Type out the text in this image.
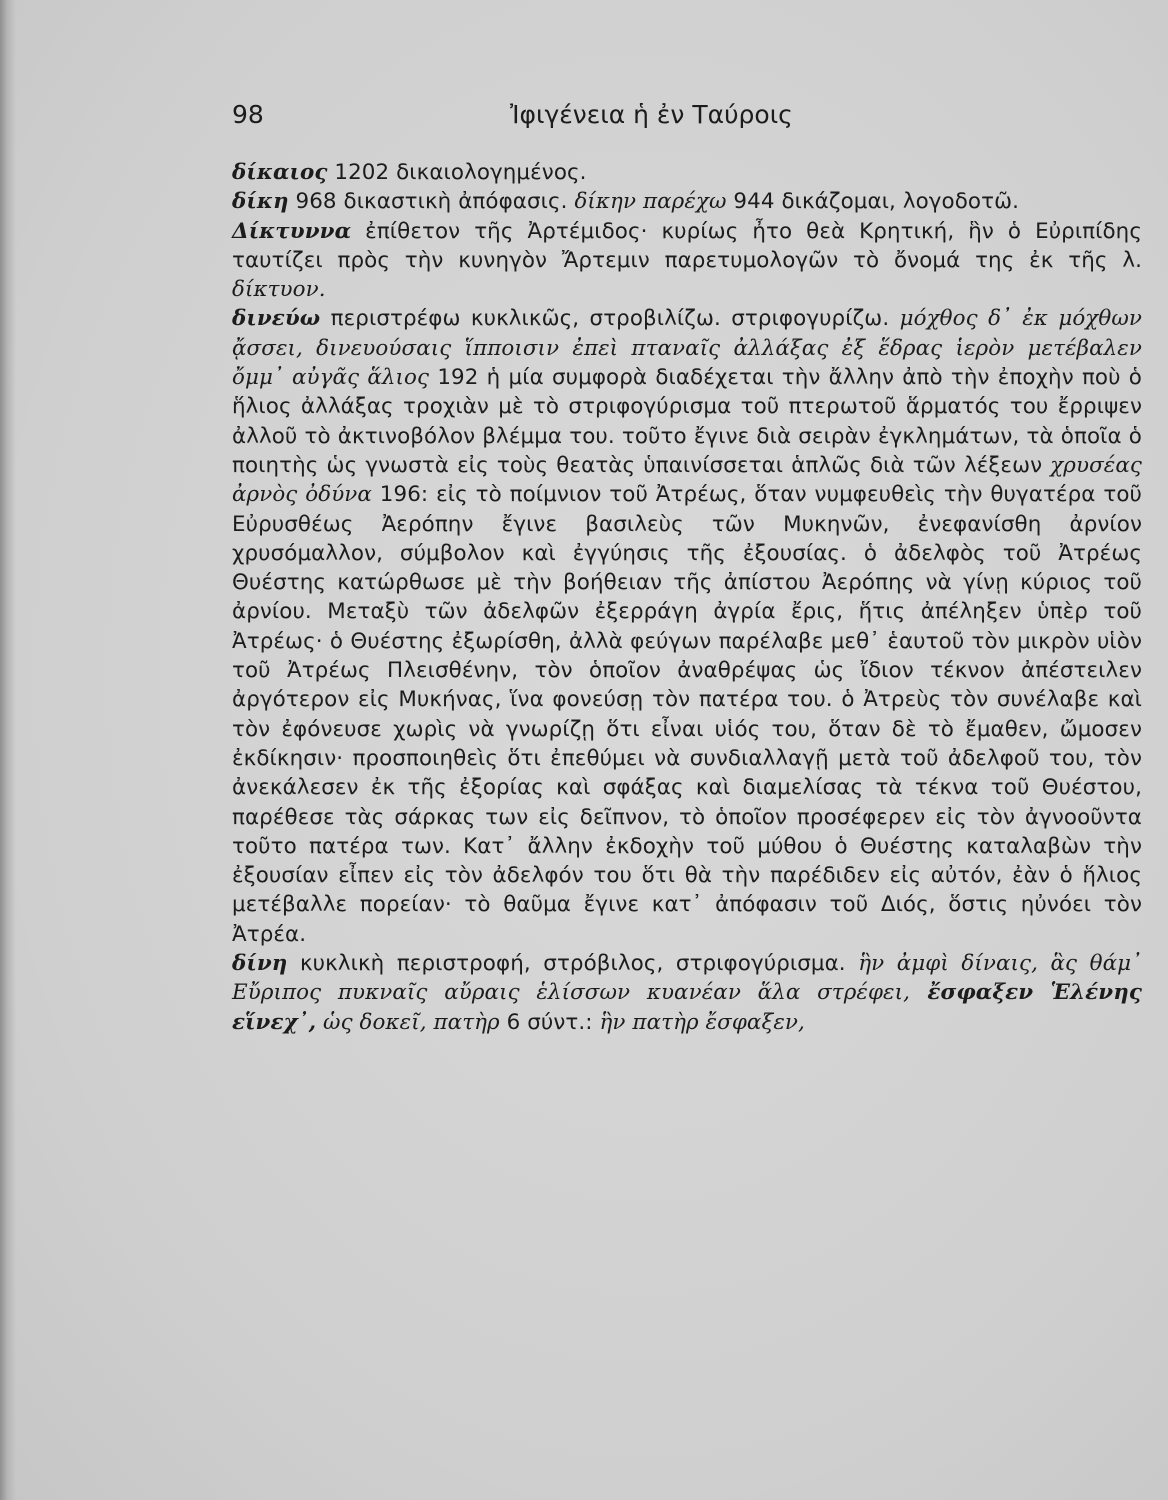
98	Ἰφιγένεια ἡ ἐν Ταύροις

δίκαιος 1202 δικαιολογημένος.

δίκη 968 δικαστικὴ ἀπόφασις. δίκην παρέχω 944 δικάζομαι, λογοδοτῶ.

Δίκτυννα ἐπίθετον τῆς Ἀρτέμιδος· κυρίως ἦτο θεὰ Κρητική, ἣν ὁ Εὐριπίδης ταυτίζει πρὸς τὴν κυνηγὸν Ἄρτεμιν παρετυμολογῶν τὸ ὄνομά της ἐκ τῆς λ. δίκτυον.

δινεύω περιστρέφω κυκλικῶς, στροβιλίζω. στριφογυρίζω. μόχθος δ᾽ ἐκ μόχθων ᾄσσει, δινευούσαις ἵπποισιν ἐπεὶ πταναῖς ἀλλάξας ἐξ ἕδρας ἱερὸν μετέβαλεν ὄμμ᾽ αὐγᾶς ἅλιος 192 ἡ μία συμφορὰ διαδέχεται τὴν ἄλλην ἀπὸ τὴν ἐποχὴν ποὺ ὁ ἥλιος ἀλλάξας τροχιὰν μὲ τὸ στριφογύρισμα τοῦ πτερωτοῦ ἅρματός του ἔρριψεν ἀλλοῦ τὸ ἀκτινοβόλον βλέμμα του. τοῦτο ἔγινε διὰ σειρὰν ἐγκλημάτων, τὰ ὁποῖα ὁ ποιητὴς ὡς γνωστὰ εἰς τοὺς θεατὰς ὑπαινίσσεται ἁπλῶς διὰ τῶν λέξεων χρυσέας ἀρνὸς ὀδύνα 196: εἰς τὸ ποίμνιον τοῦ Ἀτρέως, ὅταν νυμφευθεὶς τὴν θυγατέρα τοῦ Εὐρυσθέως Ἀερόπην ἔγινε βασιλεὺς τῶν Μυκηνῶν, ἐνεφανίσθη ἀρνίον χρυσόμαλλον, σύμβολον καὶ ἐγγύησις τῆς ἐξουσίας. ὁ ἀδελφὸς τοῦ Ἀτρέως Θυέστης κατώρθωσε μὲ τὴν βοήθειαν τῆς ἀπίστου Ἀερόπης νὰ γίνῃ κύριος τοῦ ἀρνίου. Μεταξὺ τῶν ἀδελφῶν ἐξερράγη ἀγρία ἔρις, ἥτις ἀπέληξεν ὑπὲρ τοῦ Ἀτρέως· ὁ Θυέστης ἐξωρίσθη, ἀλλὰ φεύγων παρέλαβε μεθ᾽ ἑαυτοῦ τὸν μικρὸν υἱὸν τοῦ Ἀτρέως Πλεισθένην, τὸν ὁποῖον ἀναθρέψας ὡς ἴδιον τέκνον ἀπέστειλεν ἀργότερον εἰς Μυκήνας, ἵνα φονεύσῃ τὸν πατέρα του. ὁ Ἀτρεὺς τὸν συνέλαβε καὶ τὸν ἐφόνευσε χωρὶς νὰ γνωρίζῃ ὅτι εἶναι υἱός του, ὅταν δὲ τὸ ἔμαθεν, ὤμοσεν ἐκδίκησιν· προσποιηθεὶς ὅτι ἐπεθύμει νὰ συνδιαλλαγῇ μετὰ τοῦ ἀδελφοῦ του, τὸν ἀνεκάλεσεν ἐκ τῆς ἐξορίας καὶ σφάξας καὶ διαμελίσας τὰ τέκνα τοῦ Θυέστου, παρέθεσε τὰς σάρκας των εἰς δεῖπνον, τὸ ὁποῖον προσέφερεν εἰς τὸν ἀγνοοῦντα τοῦτο πατέρα των. Κατ᾽ ἄλλην ἐκδοχὴν τοῦ μύθου ὁ Θυέστης καταλαβὼν τὴν ἐξουσίαν εἶπεν εἰς τὸν ἀδελφόν του ὅτι θὰ τὴν παρέδιδεν εἰς αὐτόν, ἐὰν ὁ ἥλιος μετέβαλλε πορείαν· τὸ θαῦμα ἔγινε κατ᾽ ἀπόφασιν τοῦ Διός, ὅστις ηὐνόει τὸν Ἀτρέα.

δίνη κυκλικὴ περιστροφή, στρόβιλος, στριφογύρισμα. ἣν ἀμφὶ δίναις, ἃς θάμ᾽ Εὔριπος πυκναῖς αὔραις ἑλίσσων κυανέαν ἅλα στρέφει, ἔσφαξεν Ἑλένης εἵνεχ᾽, ὡς δοκεῖ, πατὴρ 6 σύντ.: ἣν πατὴρ ἔσφαξεν,
